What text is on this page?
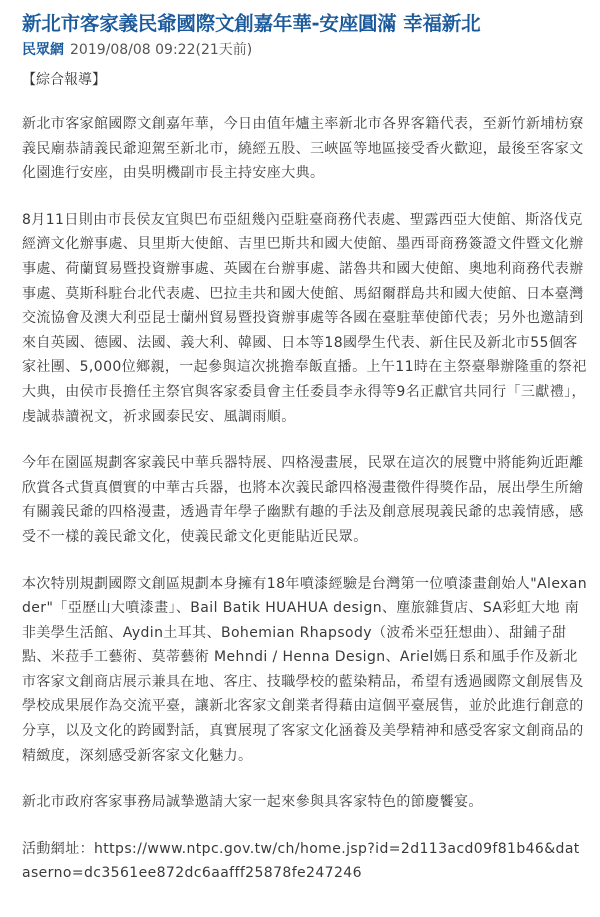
新北市客家義民爺國際文創嘉年華-安座圓滿 幸福新北
民眾網 2019/08/08 09:22(21天前)
【綜合報導】

新北市客家館國際文創嘉年華，今日由值年爐主率新北市各界客籍代表，至新竹新埔枋寮義民廟恭請義民爺迎駕至新北市，繞經五股、三峽區等地區接受香火歡迎，最後至客家文化園進行安座，由吳明機副市長主持安座大典。

8月11日則由市長侯友宜與巴布亞紐幾內亞駐臺商務代表處、聖露西亞大使館、斯洛伐克經濟文化辦事處、貝里斯大使館、吉里巴斯共和國大使館、墨西哥商務簽證文件暨文化辦事處、荷蘭貿易暨投資辦事處、英國在台辦事處、諾魯共和國大使館、奧地利商務代表辦事處、莫斯科駐台北代表處、巴拉圭共和國大使館、馬紹爾群島共和國大使館、日本臺灣交流協會及澳大利亞昆士蘭州貿易暨投資辦事處等各國在臺駐華使節代表；另外也邀請到來自英國、德國、法國、義大利、韓國、日本等18國學生代表、新住民及新北市55個客家社團、5,000位鄉親，一起參與這次挑擔奉飯直播。上午11時在主祭臺舉辦隆重的祭祀大典，由侯市長擔任主祭官與客家委員會主任委員李永得等9名正獻官共同行「三獻禮」，虔誠恭讀祝文，祈求國泰民安、風調雨順。

今年在園區規劃客家義民中華兵器特展、四格漫畫展，民眾在這次的展覽中將能夠近距離欣賞各式貨真價實的中華古兵器，也將本次義民爺四格漫畫徵件得獎作品，展出學生所繪有關義民爺的四格漫畫，透過青年學子幽默有趣的手法及創意展現義民爺的忠義情感，感受不一樣的義民爺文化，使義民爺文化更能貼近民眾。

本次特別規劃國際文創區規劃本身擁有18年噴漆經驗是台灣第一位噴漆畫創始人"Alexander"「亞歷山大噴漆畫」、Bail Batik HUAHUA design、塵旅雜貨店、SA彩虹大地 南非美學生活館、Aydin土耳其、Bohemian Rhapsody（波希米亞狂想曲）、甜鋪子甜點、米菈手工藝術、莫蒂藝術 Mehndi / Henna Design、Ariel媽日系和風手作及新北市客家文創商店展示兼具在地、客庄、技職學校的藍染精品，希望有透過國際文創展售及學校成果展作為交流平臺，讓新北客家文創業者得藉由這個平臺展售，並於此進行創意的分享，以及文化的跨國對話，真實展現了客家文化涵養及美學精神和感受客家文創商品的精緻度，深刻感受新客家文化魅力。

新北市政府客家事務局誠摯邀請大家一起來參與具客家特色的節慶饗宴。

活動網址：https://www.ntpc.gov.tw/ch/home.jsp?id=2d113acd09f81b46&dataserno=dc3561ee872dc6aafff25878fe247246
